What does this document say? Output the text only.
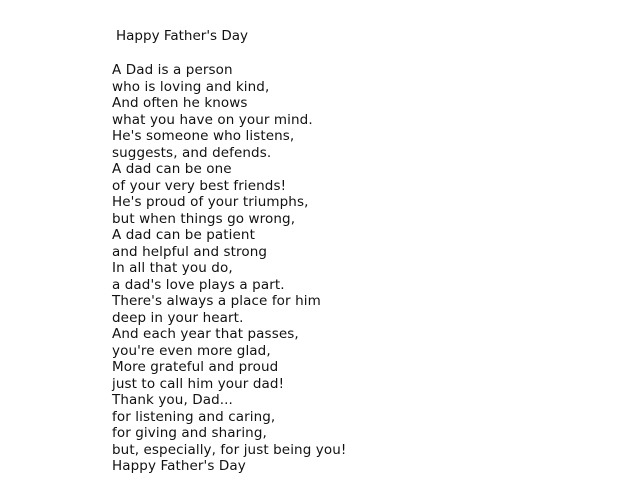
Happy Father's Day
A Dad is a person
who is loving and kind,
And often he knows
what you have on your mind.
He's someone who listens,
suggests, and defends.
A dad can be one
of your very best friends!
He's proud of your triumphs,
but when things go wrong,
A dad can be patient
and helpful and strong
In all that you do,
a dad's love plays a part.
There's always a place for him
deep in your heart.
And each year that passes,
you're even more glad,
More grateful and proud
just to call him your dad!
Thank you, Dad...
for listening and caring,
for giving and sharing,
but, especially, for just being you!
Happy Father's Day
